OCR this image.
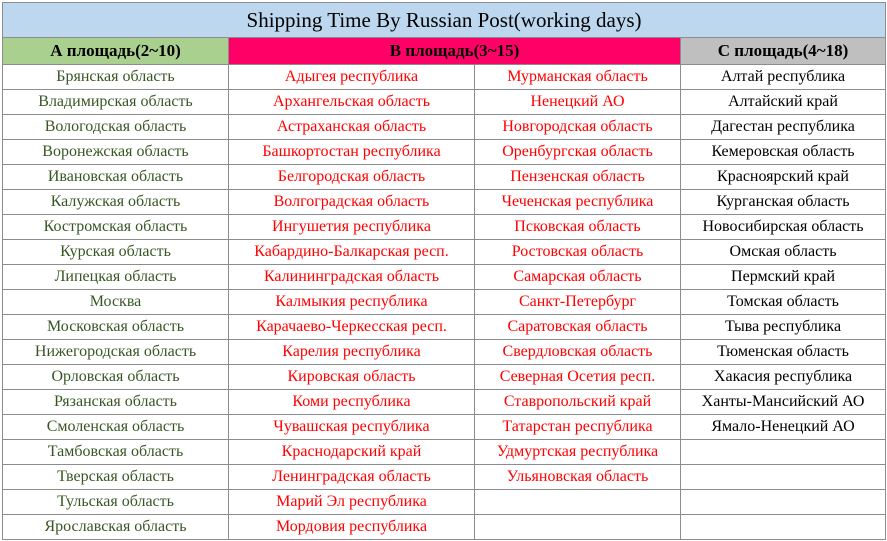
Shipping Time By Russian Post(working days)			
А площадь(2~10)	В площадь(3~15)		С площадь(4~18)
Брянская область	Адыгея республика	Мурманская область	Алтай республика
Владимирская область	Архангельская область	Ненецкий АО	Алтайский край
Вологодская область	Астраханская область	Новгородская область	Дагестан республика
Воронежская область	Башкортостан республика	Оренбургская область	Кемеровская область
Ивановская область	Белгородская область	Пензенская область	Красноярский край
Калужская область	Волгоградская область	Чеченская республика	Курганская область
Костромская область	Ингушетия республика	Псковская область	Новосибирская область
Курская область	Кабардино-Балкарская респ.	Ростовская область	Омская область
Липецкая область	Калининградская область	Самарская область	Пермский край
Москва	Калмыкия республика	Санкт-Петербург	Томская область
Московская область	Карачаево-Черкесская респ.	Саратовская область	Тыва республика
Нижегородская область	Карелия республика	Свердловская область	Тюменская область
Орловская область	Кировская область	Северная Осетия респ.	Хакасия республика
Рязанская область	Коми республика	Ставропольский край	Ханты-Мансийский АО
Смоленская область	Чувашская республика	Татарстан республика	Ямало-Ненецкий АО
Тамбовская область	Краснодарский край	Удмуртская республика	
Тверская область	Ленинградская область	Ульяновская область	
Тульская область	Марий Эл республика		
Ярославская область	Мордовия республика		
